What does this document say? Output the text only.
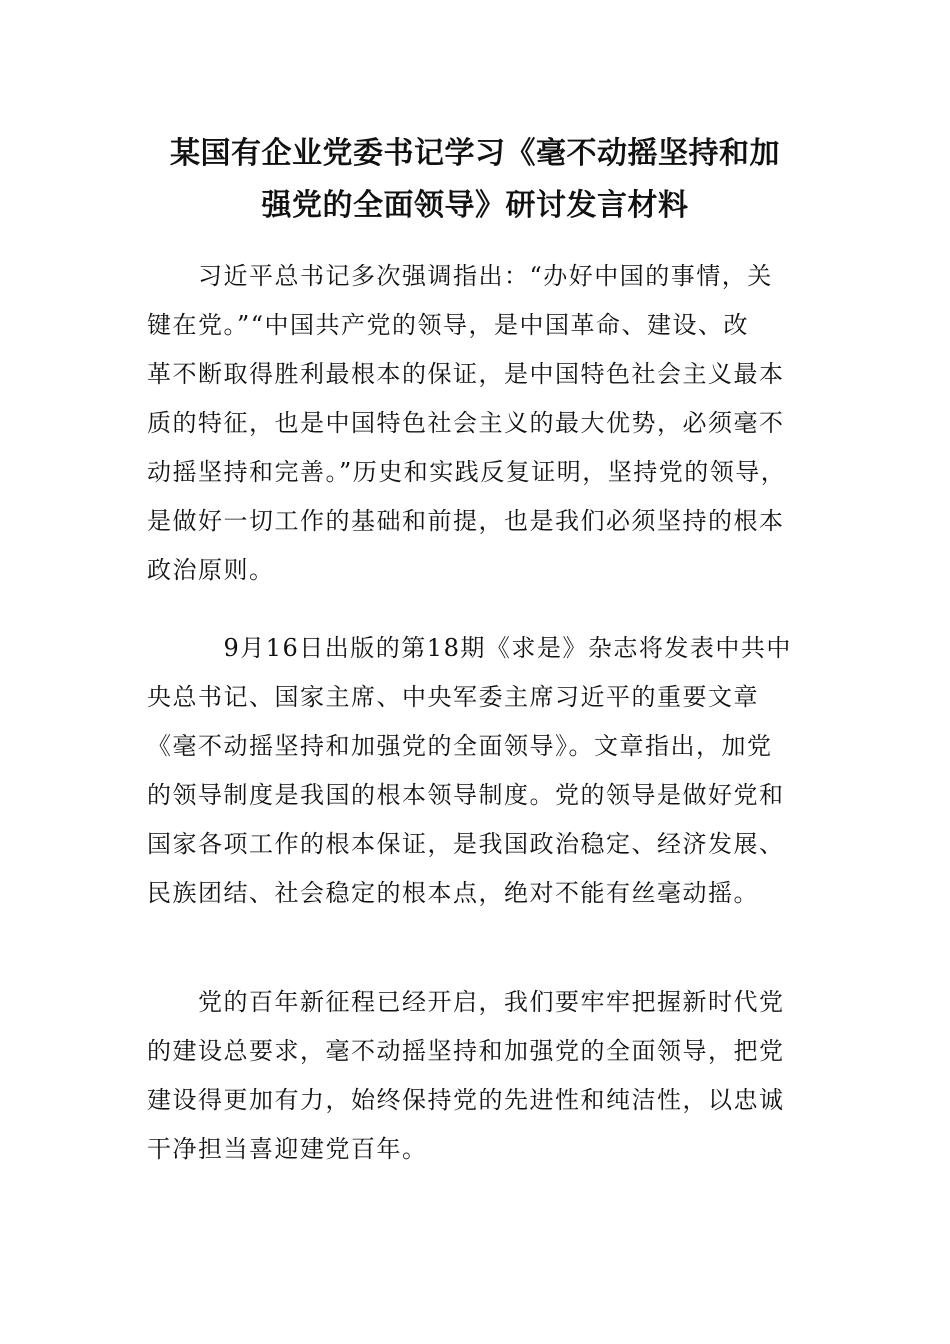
某国有企业党委书记学习《毫不动摇坚持和加
强党的全面领导》研讨发言材料
　　习近平总书记多次强调指出：“办好中国的事情，关
键在党。”“中国共产党的领导，是中国革命、建设、改
革不断取得胜利最根本的保证，是中国特色社会主义最本
质的特征，也是中国特色社会主义的最大优势，必须毫不
动摇坚持和完善。”历史和实践反复证明，坚持党的领导，
是做好一切工作的基础和前提，也是我们必须坚持的根本
政治原则。
　　　9月16日出版的第18期《求是》杂志将发表中共中
央总书记、国家主席、中央军委主席习近平的重要文章
《毫不动摇坚持和加强党的全面领导》。文章指出，加党
的领导制度是我国的根本领导制度。党的领导是做好党和
国家各项工作的根本保证，是我国政治稳定、经济发展、
民族团结、社会稳定的根本点，绝对不能有丝毫动摇。
　　党的百年新征程已经开启，我们要牢牢把握新时代党
的建设总要求，毫不动摇坚持和加强党的全面领导，把党
建设得更加有力，始终保持党的先进性和纯洁性，以忠诚
干净担当喜迎建党百年。
